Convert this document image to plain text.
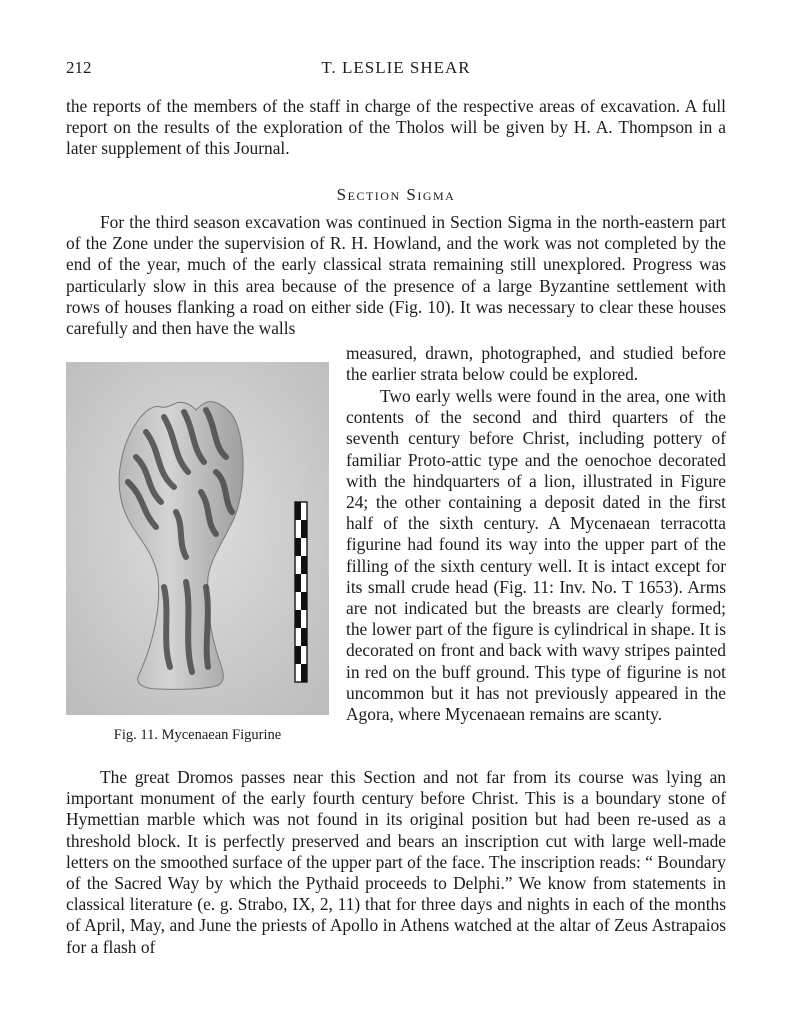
212	T. LESLIE SHEAR

the reports of the members of the staff in charge of the respective areas of excavation. A full report on the results of the exploration of the Tholos will be given by H. A. Thompson in a later supplement of this Journal.

Section Sigma

For the third season excavation was continued in Section Sigma in the north-eastern part of the Zone under the supervision of R. H. Howland, and the work was not completed by the end of the year, much of the early classical strata remaining still unexplored. Progress was particularly slow in this area because of the presence of a large Byzantine settlement with rows of houses flanking a road on either side (Fig. 10). It was necessary to clear these houses carefully and then have the walls

measured, drawn, photographed, and studied before the earlier strata below could be explored.

Two early wells were found in the area, one with contents of the second and third quarters of the seventh century before Christ, including pottery of familiar Proto-attic type and the oenochoe decorated with the hindquarters of a lion, illustrated in Figure 24; the other containing a deposit dated in the first half of the sixth century. A Mycenaean terracotta figurine had found its way into the upper part of the filling of the sixth century well. It is intact except for its small crude head (Fig. 11: Inv. No. T 1653). Arms are not indicated but the breasts are clearly formed; the lower part of the figure is cylindrical in shape. It is decorated on front and back with wavy stripes painted in red on the buff ground. This type of figurine is not uncommon but it has not previously appeared in the Agora, where Mycenaean remains are scanty.

Fig. 11. Mycenaean Figurine

The great Dromos passes near this Section and not far from its course was lying an important monument of the early fourth century before Christ. This is a boundary stone of Hymettian marble which was not found in its original position but had been re-used as a threshold block. It is perfectly preserved and bears an inscription cut with large well-made letters on the smoothed surface of the upper part of the face. The inscription reads: “ Boundary of the Sacred Way by which the Pythaid proceeds to Delphi.” We know from statements in classical literature (e. g. Strabo, IX, 2, 11) that for three days and nights in each of the months of April, May, and June the priests of Apollo in Athens watched at the altar of Zeus Astrapaios for a flash of
